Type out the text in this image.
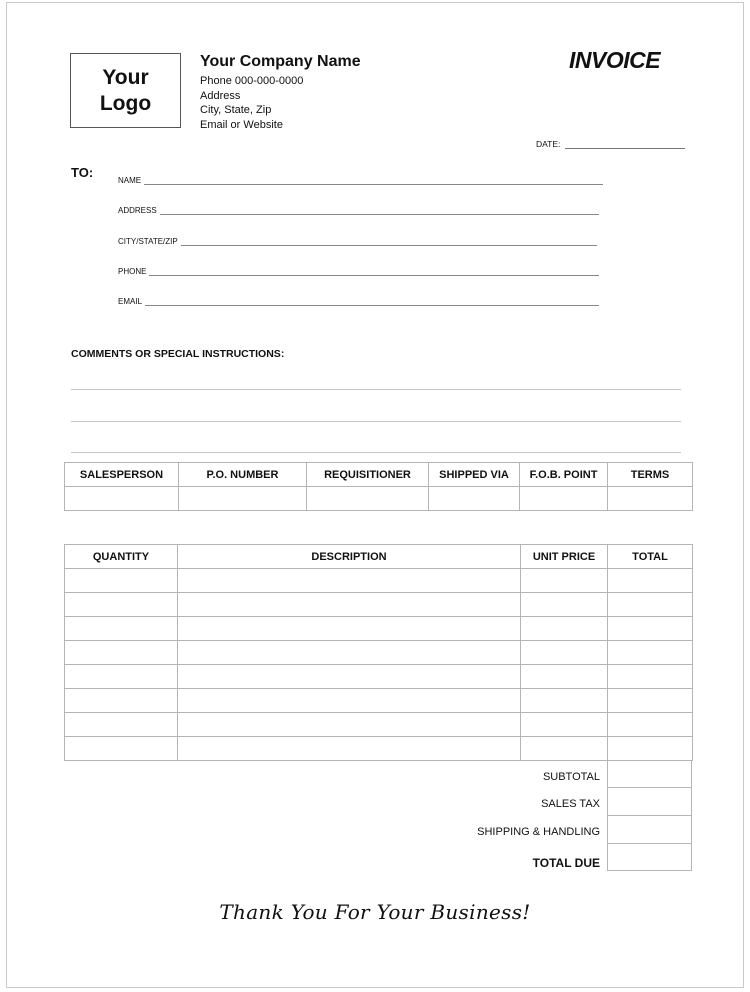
Your
Logo
Your Company Name
Phone 000-000-0000
Address
City, State, Zip
Email or Website
INVOICE
DATE:
TO:
NAME
ADDRESS
CITY/STATE/ZIP
PHONE
EMAIL
COMMENTS OR SPECIAL INSTRUCTIONS:
SALESPERSON	P.O. NUMBER	REQUISITIONER	SHIPPED VIA	F.O.B. POINT	TERMS

QUANTITY	DESCRIPTION	UNIT PRICE	TOTAL

SUBTOTAL
SALES TAX
SHIPPING & HANDLING
TOTAL DUE
Thank You For Your Business!
